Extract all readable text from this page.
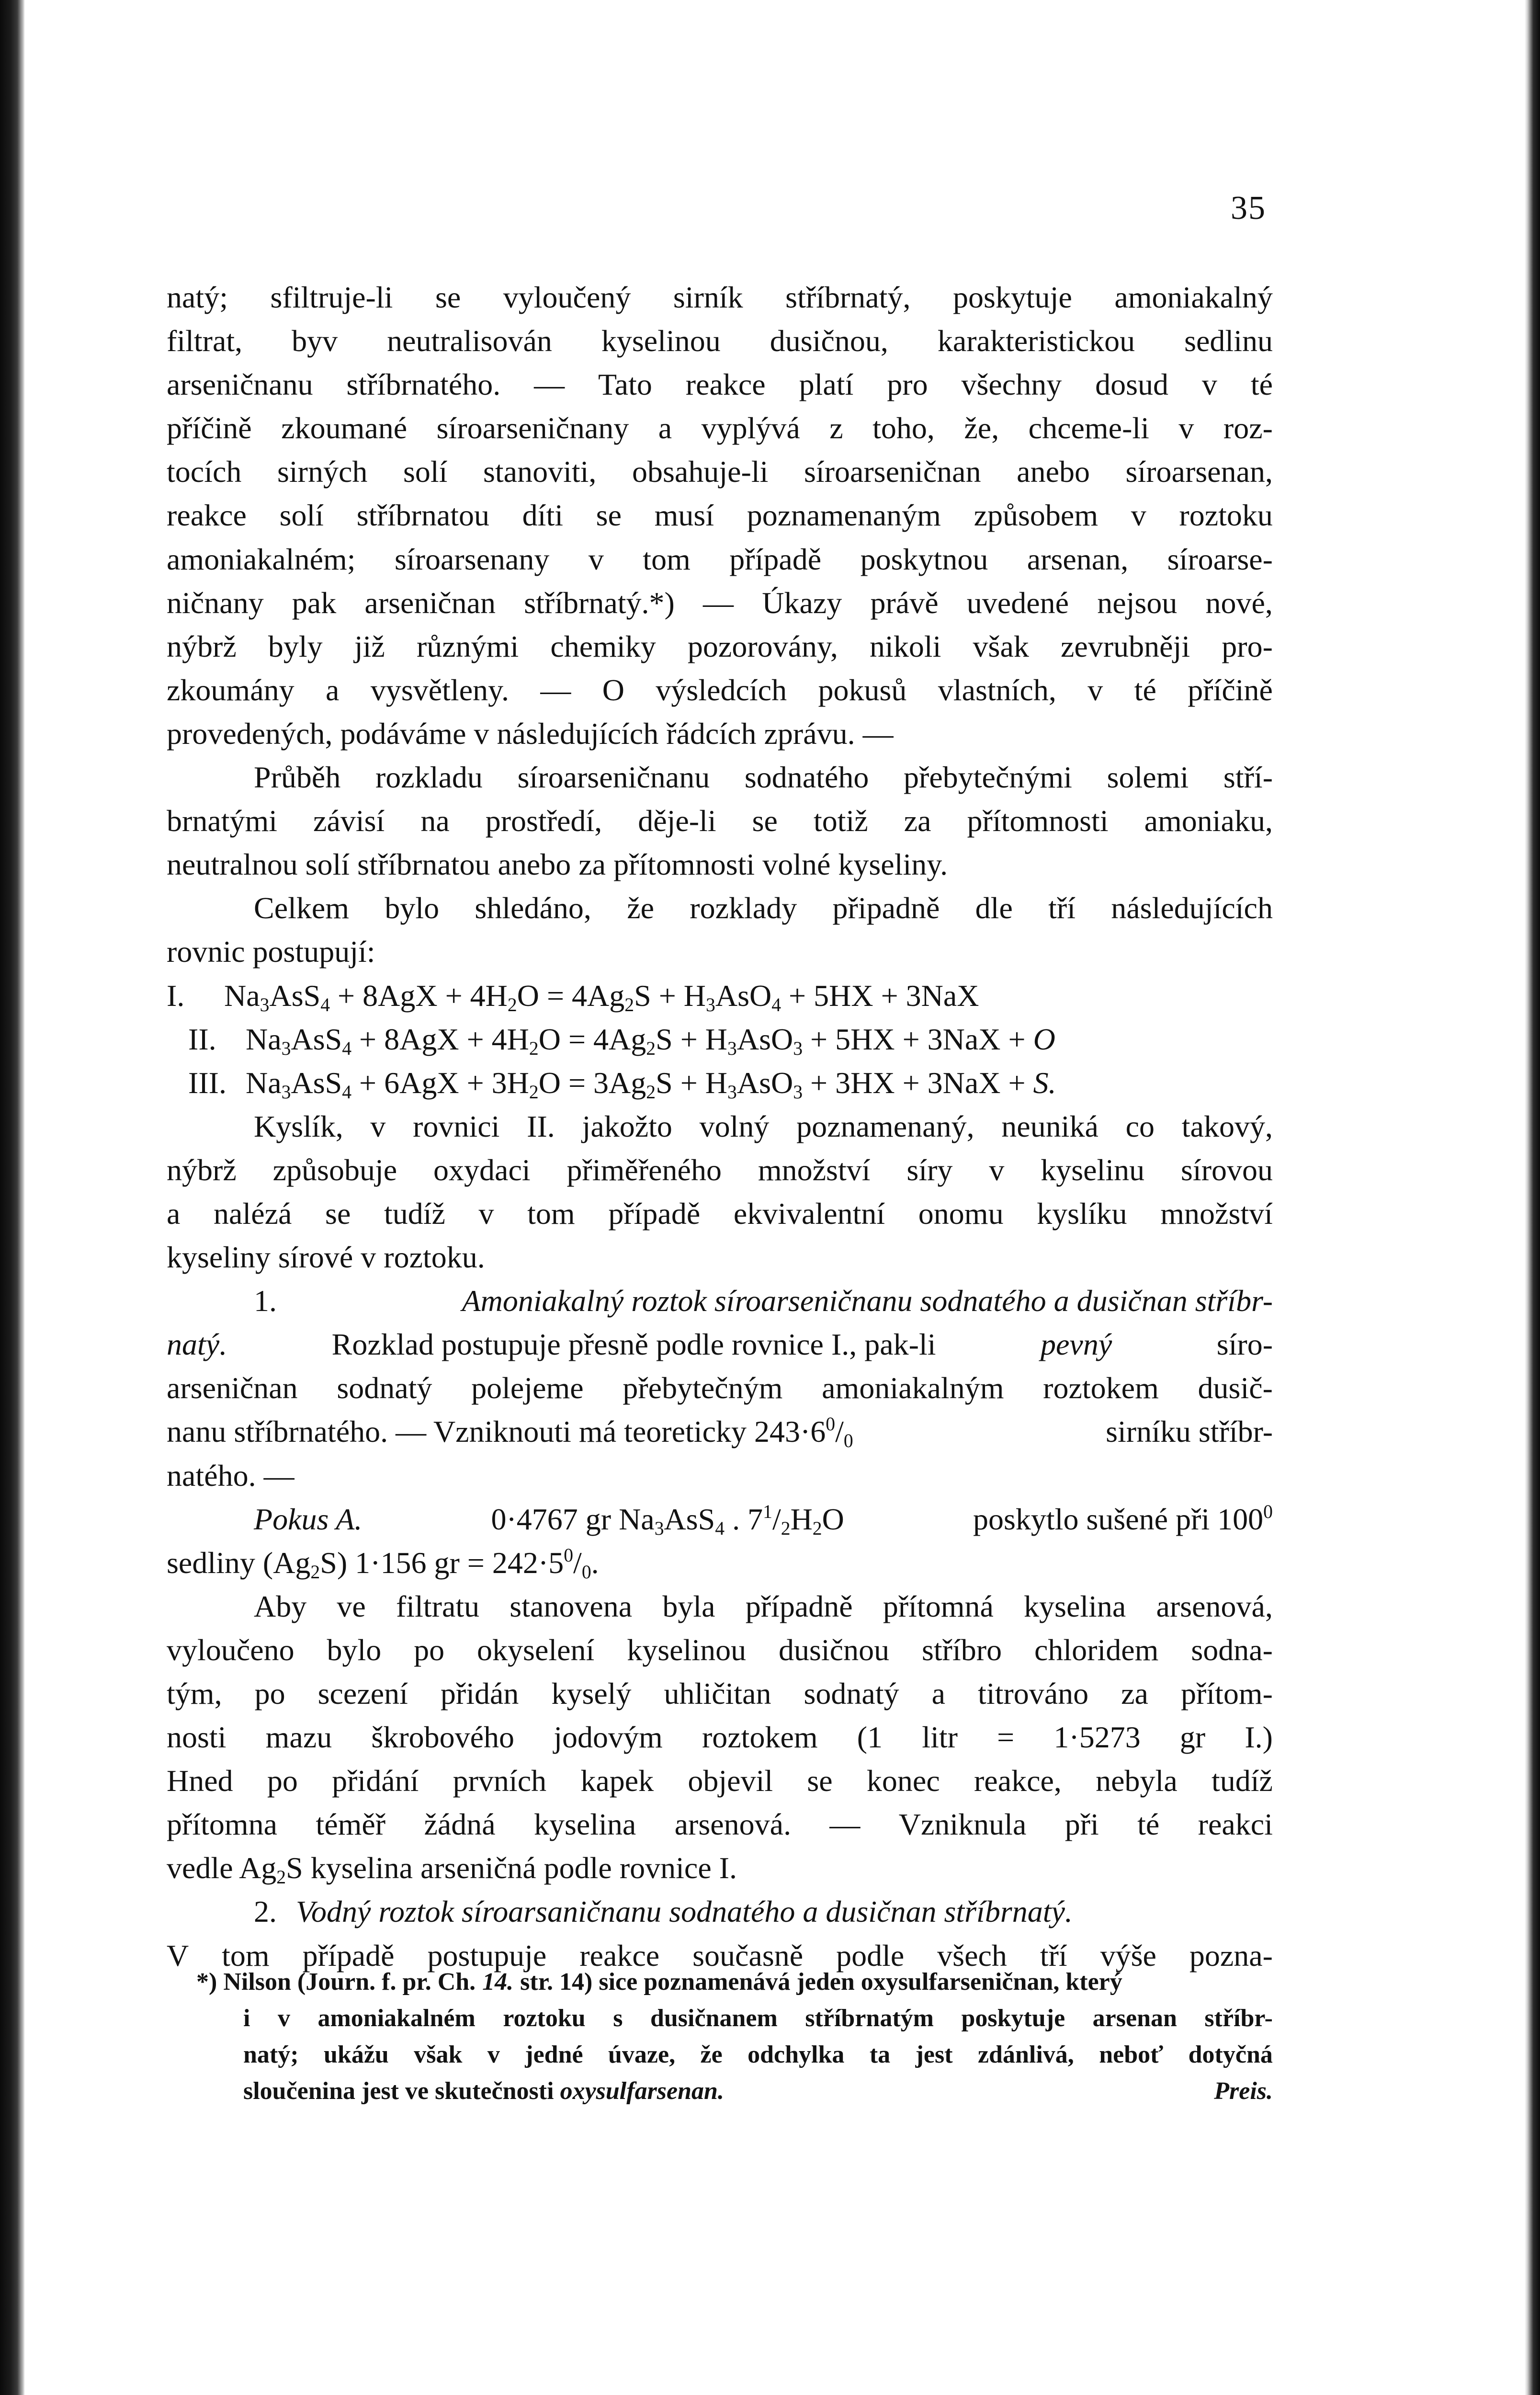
35
natý; sfiltruje-li se vyloučený sirník stříbrnatý, poskytuje amoniakalný
filtrat, byv neutralisován kyselinou dusičnou, karakteristickou sedlinu
arseničnanu stříbrnatého. — Tato reakce platí pro všechny dosud v té
příčině zkoumané síroarseničnany a vyplývá z toho, že, chceme-li v roz-
tocích sirných solí stanoviti, obsahuje-li síroarseničnan anebo síroarsenan,
reakce solí stříbrnatou díti se musí poznamenaným způsobem v roztoku
amoniakalném; síroarsenany v tom případě poskytnou arsenan, síroarse-
ničnany pak arseničnan stříbrnatý.*) — Úkazy právě uvedené nejsou nové,
nýbrž byly již různými chemiky pozorovány, nikoli však zevrubněji pro-
zkoumány a vysvětleny. — O výsledcích pokusů vlastních, v té příčině
provedených, podáváme v následujících řádcích zprávu. —
Průběh rozkladu síroarseničnanu sodnatého přebytečnými solemi stří-
brnatými závisí na prostředí, děje-li se totiž za přítomnosti amoniaku,
neutralnou solí stříbrnatou anebo za přítomnosti volné kyseliny.
Celkem bylo shledáno, že rozklady připadně dle tří následujících
rovnic postupují:
I.	$Na_3AsS_4 + 8AgX + 4H_2O = 4Ag_2S + H_3AsO_4 + 5HX + 3NaX$
II. $Na_3AsS_4 + 8AgX + 4H_2O = 4Ag_2S + H_3AsO_3 + 5HX + 3NaX + O$
III. $Na_3AsS_4 + 6AgX + 3H_2O = 3Ag_2S + H_3AsO_3 + 3HX + 3NaX + S$.
Kyslík, v rovnici II. jakožto volný poznamenaný, neuniká co takový,
nýbrž způsobuje oxydaci přiměřeného množství síry v kyselinu sírovou
a nalézá se tudíž v tom případě ekvivalentní onomu kyslíku množství
kyseliny sírové v roztoku.
1.	Amoniakalný roztok síroarseničnanu sodnatého a dusičnan stříbr-
natý.	Rozklad postupuje přesně podle rovnice I., pak-li	pevný	síro-
arseničnan sodnatý polejeme přebytečným amoniakalným roztokem dusič-
nanu stříbrnatého. — Vzniknouti má teoreticky $243\cdot 6^0/_0$	sirníku stříbr-
natého. —
Pokus A.	0·4767 gr $Na_3AsS_4$ . $7^1/_2H_2O$	poskytlo sušené při $100^0$
sedliny $(Ag_2S)$ 1·156 gr = $242\cdot 5^0/_0$.
Aby ve filtratu stanovena byla případně přítomná kyselina arsenová,
vyloučeno bylo po okyselení kyselinou dusičnou stříbro chloridem sodna-
tým, po scezení přidán kyselý uhličitan sodnatý a titrováno za přítom-
nosti mazu škrobového jodovým roztokem (1 litr = 1·5273 gr I.)
Hned po přidání prvních kapek objevil se konec reakce, nebyla tudíž
přítomna téměř žádná kyselina arsenová. — Vzniknula při té reakci
vedle $Ag_2S$ kyselina arseničná podle rovnice I.
2. Vodný roztok síroarsaničnanu sodnatého a dusičnan stříbrnatý.
V tom případě postupuje reakce současně podle všech tří výše pozna-
*) Nilson (Journ. f. pr. Ch. 14. str. 14) sice poznamenává jeden oxysulfarseničnan, který
i v amoniakalném roztoku s dusičnanem stříbrnatým poskytuje arsenan stříbr-
natý; ukážu však v jedné úvaze, že odchylka ta jest zdánlivá, neboť dotyčná
sloučenina jest ve skutečnosti oxysulfarsenan.	Preis.
